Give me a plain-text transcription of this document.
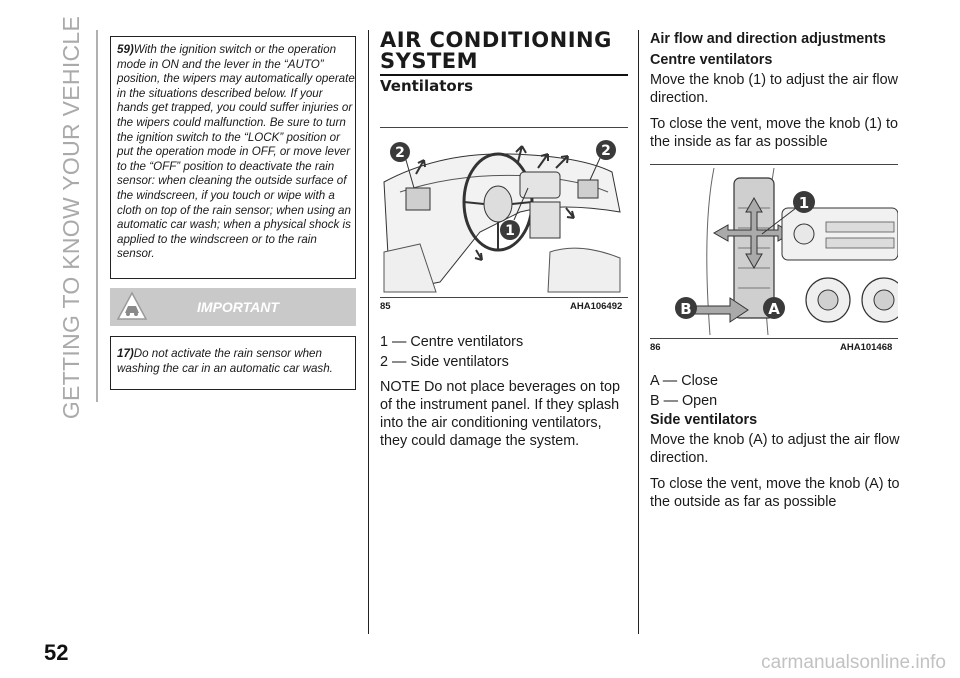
GETTING TO KNOW YOUR VEHICLE
52	carmanualsonline.info

59)With the ignition switch or the operation mode in ON and the lever in the “AUTO” position, the wipers may automatically operate in the situations described below. If your hands get trapped, you could suffer injuries or the wipers could malfunction. Be sure to turn the ignition switch to the “LOCK” position or put the operation mode in OFF, or move lever to the “OFF” position to deactivate the rain sensor: when cleaning the outside surface of the windscreen, if you touch or wipe with a cloth on top of the rain sensor; when using an automatic car wash; when a physical shock is applied to the windscreen or to the rain sensor.

IMPORTANT

17)Do not activate the rain sensor when washing the car in an automatic car wash.

AIR CONDITIONING SYSTEM
Ventilators
2	2
1
85	AHA106492
1 — Centre ventilators
2 — Side ventilators

NOTE Do not place beverages on top of the instrument panel. If they splash into the air conditioning ventilators, they could damage the system.

Air flow and direction adjustments
Centre ventilators

Move the knob (1) to adjust the air flow direction.

To close the vent, move the knob (1) to the inside as far as possible

1
A
B
86	AHA101468
A — Close
B — Open
Side ventilators

Move the knob (A) to adjust the air flow direction.

To close the vent, move the knob (A) to the outside as far as possible
